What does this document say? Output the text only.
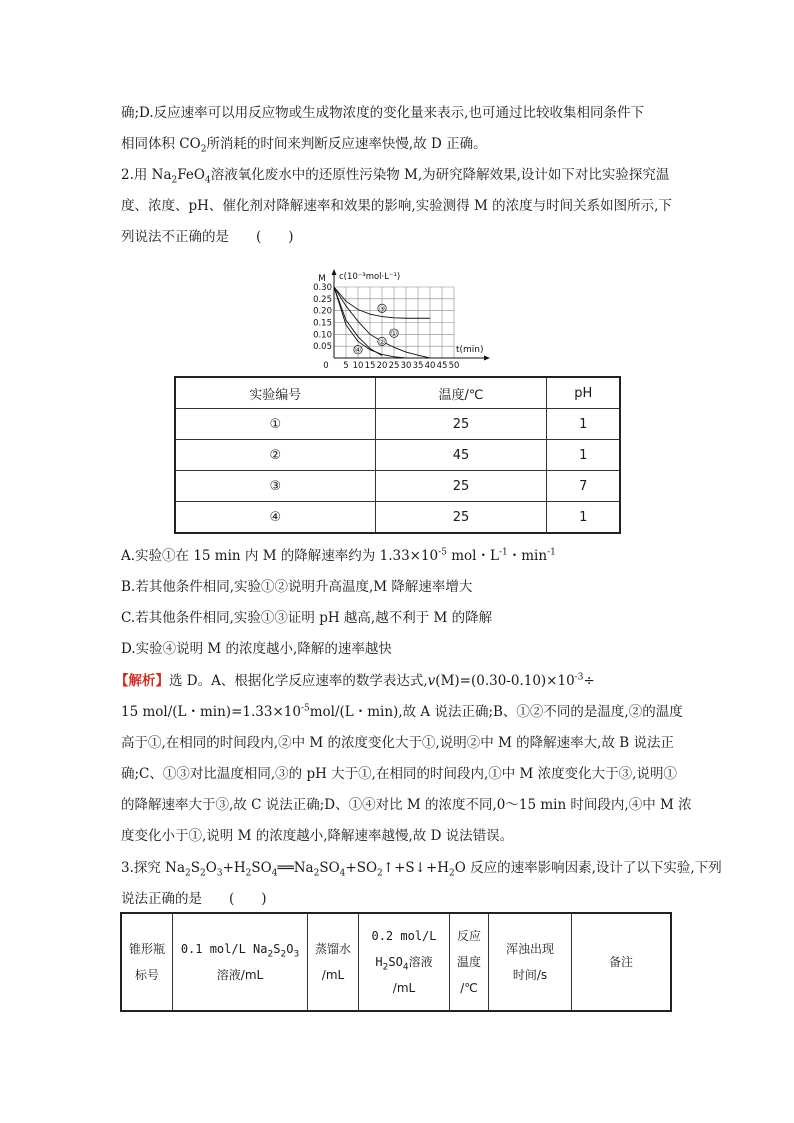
确;D.反应速率可以用反应物或生成物浓度的变化量来表示,也可通过比较收集相同条件下
相同体积 $CO_2$所消耗的时间来判断反应速率快慢,故 D 正确。
2.用 $Na_2FeO_4$溶液氧化废水中的还原性污染物 M,为研究降解效果,设计如下对比实验探究温
度、浓度、pH、催化剂对降解速率和效果的影响,实验测得 M 的浓度与时间关系如图所示,下
列说法不正确的是　　(　　)
0.30
0.25
0.20
0.15
0.10
0.05
5 10 15 20 25 30 35 40 45 50
0
M c(10⁻³mol·L⁻¹)
t(min)
①
②
③
④
实验编号	温度/℃	pH
①	25	1
②	45	1
③	25	7
④	25	1
A.实验①在 15 min 内 M 的降解速率约为 $1.33\times 10^{-5}$ mol・$L^{-1}$・$\min^{-1}$
B.若其他条件相同,实验①②说明升高温度,M 降解速率增大
C.若其他条件相同,实验①③证明 pH 越高,越不利于 M 的降解
D.实验④说明 M 的浓度越小,降解的速率越快
【解析】选 D。A、根据化学反应速率的数学表达式$,v(M)=(0.30-0.10)\times 10^{-3}\div$
15 mol/(L・$\min)=1.33\times 10^{-5}mol/(L$・min),故 A 说法正确;B、①②不同的是温度,②的温度
高于①,在相同的时间段内,②中 M 的浓度变化大于①,说明②中 M 的降解速率大,故 B 说法正
确;C、①③对比温度相同,③的 pH 大于①,在相同的时间段内,①中 M 浓度变化大于③,说明①
的降解速率大于③,故 C 说法正确;D、①④对比 M 的浓度不同,0～15 min 时间段内,④中 M 浓
度变化小于①,说明 M 的浓度越小,降解速率越慢,故 D 说法错误。
3.探究 $Na_2S_2O_3+H_2SO_4══Na_2SO_4+SO_2↑+S↓+H_2O$ 反应的速率影响因素,设计了以下实验,下列
说法正确的是　　(　　)
锥形瓶
标号	0.1 mol/L $Na_2S_2O_3$
溶液/mL	蒸馏水
/mL	0.2 mol/L
$H_2SO_4$溶液
/mL	反应
温度
/℃	浑浊出现
时间/s	备注
